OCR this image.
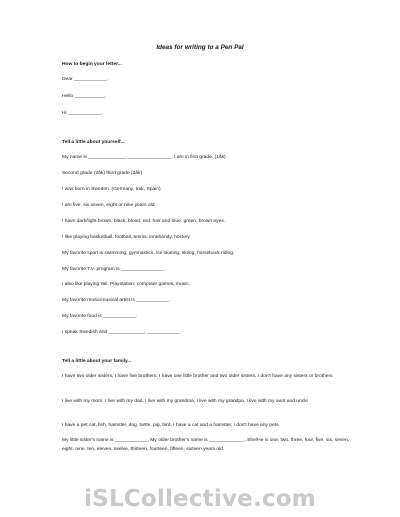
Ideas for writing to a Pen Pal
How to begin your letter...
Dear ____________,
Hello ___________,
Hi ____________,
Tell a little about yourself...
My name is ______________ ________________. I am in first grade. (1åk)
Second grade (2åk) third grade (3åk)
I was born in Sweden. (Germany, Irak, Spain)
I am five, six seven, eight or nine years old.
I have dark/light brown, black, blond, red, hair and blue, green, brown eyes.
I like playing basketball, football, tennis, innebandy, hockey.
My favorite sport is swimming, gymnastics, ice skating, skiing, horseback riding.
My favorite T.V. program is ________________ .
I also like playing Wii, Playstation, computer games, music.
My favorite music/musical artist is ____________ .
My favorite food is ____________.
I speak Swedish and _____________, ____________
Tell a little about your family...
I have two older sisters, I have five brothers, I have one little brother and two older sisters, I don't have any sisters or brothers
I live with my mom, I live with my dad, I live with my grandma, I live with my grandpa, I live with my aunt and uncle
I have a pet cat, fish, hamster, dog, turtle, pig, bird, I have a cat and a hamster, I don't have any pets
My little sister's name is ____________, My older brother's name is _____________, She/He is one, two, three, four, five, six, seven, eight, nine, ten, eleven, twelve, thirteen, fourteen, fifteen, sixteen years old.
iSLCollective.com
